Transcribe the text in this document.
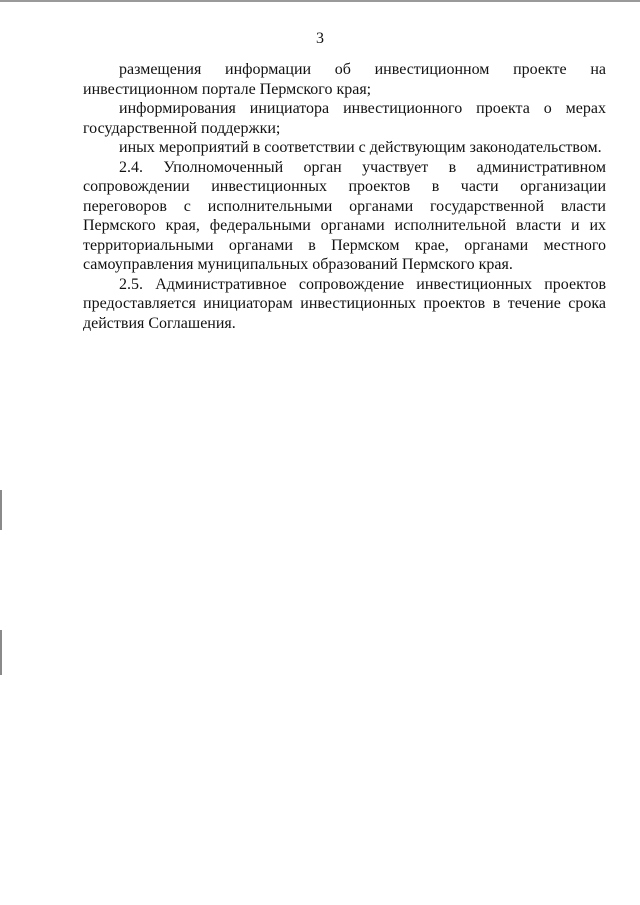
3

размещения информации об инвестиционном проекте на инвестиционном портале Пермского края;

информирования инициатора инвестиционного проекта о мерах государственной поддержки;

иных мероприятий в соответствии с действующим законодательством.

2.4. Уполномоченный орган участвует в административном сопровождении инвестиционных проектов в части организации переговоров с исполнительными органами государственной власти Пермского края, федеральными органами исполнительной власти и их территориальными органами в Пермском крае, органами местного самоуправления муниципальных образований Пермского края.

2.5. Административное сопровождение инвестиционных проектов предоставляется инициаторам инвестиционных проектов в течение срока действия Соглашения.
